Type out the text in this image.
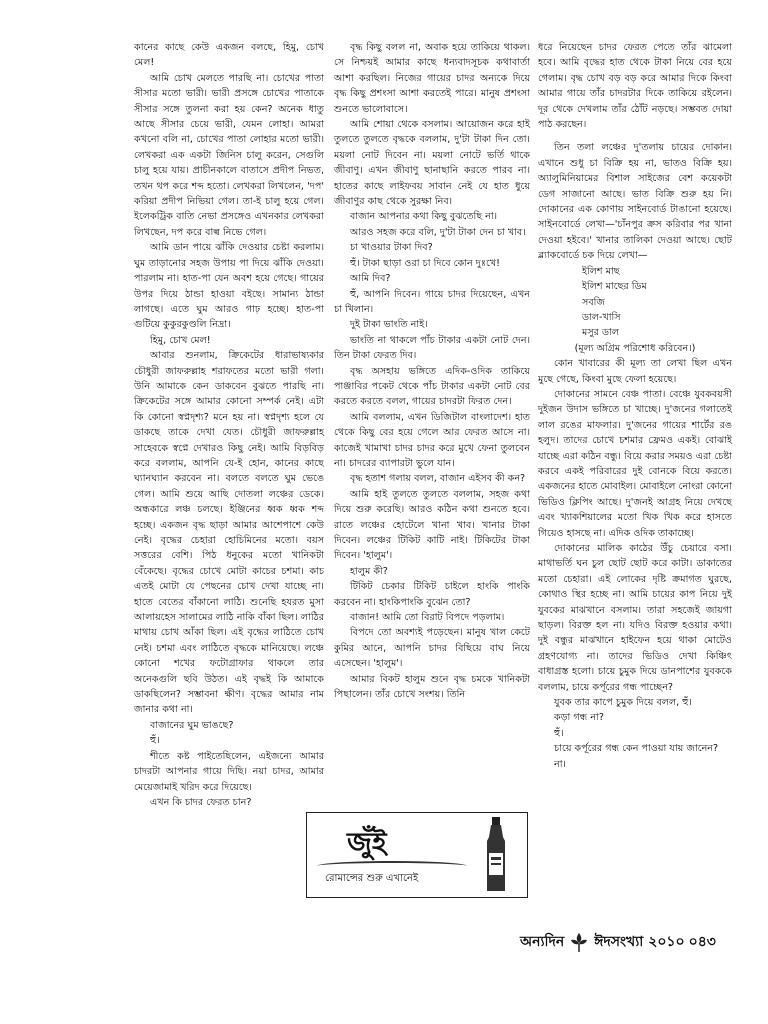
কানের কাছে কেউ একজন বলছে, হিমু, চোখ মেল!

আমি চোখ মেলতে পারছি না। চোখের পাতা সীসার মতো ভারী। ভারী প্রসঙ্গে চোখের পাতাকে সীসার সঙ্গে তুলনা করা হয় কেন? অনেক ধাতু আছে সীসার চেয়ে ভারী, যেমন লোহা। আমরা কখনো বলি না, চোখের পাতা লোহার মতো ভারী। লেখকরা এক একটা জিনিস চালু করেন, সেগুলি চালু হয়ে যায়। প্রাচীনকালে বাতাসে প্রদীপ নিভত, তখন থপ করে শব্দ হতো। লেখকরা লিখলেন, 'দপ' করিয়া প্রদীপ নিভিয়া গেল। তা-ই চালু হয়ে গেল। ইলেকট্রিক বাতি নেভা প্রসঙ্গেও এখনকার লেখকরা লিখছেন, দপ করে বাল্ব নিভে গেল।

আমি ডান পায়ে ঝাঁকি দেওয়ার চেষ্টা করলাম। ঘুম তাড়ানোর সহজ উপায় পা দিয়ে ঝাঁকি দেওয়া। পারলাম না। হাত-পা যেন অবশ হয়ে গেছে। গায়ের উপর দিয়ে ঠান্ডা হাওয়া বইছে। সামান্য ঠান্ডা লাগছে। এতে ঘুম আরও গাঢ় হচ্ছে। হাত-পা গুটিয়ে কুকুরকুণ্ডলি নিদ্রা।

হিমু, চোখ মেল!

আবার শুনলাম, ক্রিকেটের ধারাভাষ্যকার চৌধুরী জাফরুল্লাহ শরাফতের মতো ভারী গলা। উনি আমাকে কেন ডাকবেন বুঝতে পারছি না। ক্রিকেটের সঙ্গে আমার কোনো সম্পর্ক নেই। এটা কি কোনো স্বপ্নদৃশ্য? মনে হয় না। স্বপ্নদৃশ্য হলে যে ডাকছে তাকে দেখা যেত। চৌধুরী জাফরুল্লাহ সাহেবকে স্বপ্নে দেখারও কিছু নেই। আমি বিড়বিড় করে বললাম, আপনি যে-ই হোন, কানের কাছে ঘ্যানঘ্যান করবেন না। বলতে বলতে ঘুম ভেঙে গেল। আমি শুয়ে আছি দোতলা লঞ্চের ডেকে। অন্ধকারে লঞ্চ চলছে। ইঞ্জিনের ধ্বক ধ্বক শব্দ হচ্ছে। একজন বৃদ্ধ ছাড়া আমার আশেপাশে কেউ নেই। বৃদ্ধের চেহারা হোচিমিনের মতো। বয়স সত্তরের বেশি। পিঠ ধনুকের মতো খানিকটা বেঁকেছে। বৃদ্ধের চোখে মোটা কাচের চশমা। কাচ এতই মোটা যে পেছনের চোখ দেখা যাচ্ছে না। হাতে বেতের বাঁকানো লাঠি। শুনেছি হযরত মুসা আলায়হেস সালামের লাঠি নাকি বাঁকা ছিল। লাঠির মাথায় চোখ আঁকা ছিল। এই বৃদ্ধের লাঠিতে চোখ নেই। চশমা এবং লাঠিতে বৃদ্ধকে মানিয়েছে। লঞ্চে কোনো শখের ফটোগ্রাফার থাকলে তার অনেকগুলি ছবি উঠত। এই বৃদ্ধই কি আমাকে ডাকছিলেন? সম্ভাবনা ক্ষীণ। বৃদ্ধের আমার নাম জানার কথা না।

বাজানের ঘুম ভাঙছে?

হুঁ।

শীতে কষ্ট পাইতেছিলেন, এইজন্যে আমার চাদরটা আপনার গায়ে দিছি। নয়া চাদর, আমার মেয়েজামাই খরিদ করে দিয়েছে।

এখন কি চাদর ফেরত চান?

বৃদ্ধ কিছু বলল না, অবাক হয়ে তাকিয়ে থাকল। সে নিশ্চয়ই আমার কাছে ধন্যবাদসূচক কথাবার্তা আশা করছিল। নিজের গায়ের চাদর অন্যকে দিয়ে বৃদ্ধ কিছু প্রশংসা আশা করতেই পারে। মানুষ প্রশংসা শুনতে ভালোবাসে।

আমি শোয়া থেকে বসলাম। আয়োজন করে হাই তুলতে তুলতে বৃদ্ধকে বললাম, দু'টা টাকা দিন তো। ময়লা নোট দিবেন না। ময়লা নোটে ভর্তি থাকে জীবাণু। এখন জীবাণু ছানাছানি করতে পারব না। হাতের কাছে লাইফবয় সাবান নেই যে হাত ধুয়ে জীবাণুর কাছ থেকে সুরক্ষা নিব।

বাজান আপনার কথা কিছু বুঝতেছি না।

আরও সহজ করে বলি, দু'টা টাকা দেন চা খাব।

চা খাওয়ার টাকা দিব?

হুঁ। টাকা ছাড়া ওরা চা দিবে কোন দুঃখে!

আমি দিব?

হুঁ, আপনি দিবেন। গায়ে চাদর দিয়েছেন, এখন চা খিলান।

দুই টাকা ভাংতি নাই।

ভাংতি না থাকলে পাঁচ টাকার একটা নোট দেন। তিন টাকা ফেরত দিব।

বৃদ্ধ অসহায় ভঙ্গিতে এদিক-ওদিক তাকিয়ে পাঞ্জাবির পকেট থেকে পাঁচ টাকার একটা নোট বের করতে করতে বলল, গায়ের চাদরটা ফিরত দেন।

আমি বললাম, এখন ডিজিটাল বাংলাদেশ। হাত থেকে কিছু বের হয়ে গেলে আর ফেরত আসে না। কাজেই খামাখা চাদর চাদর করে মুখে ফেনা তুলবেন না। চাদরের ব্যাপারটা ভুলে যান।

বৃদ্ধ হতাশ গলায় বলল, বাজান এইসব কী কন?

আমি হাই তুলতে তুলতে বললাম, সহজ কথা দিয়ে শুরু করেছি। আরও কঠিন কথা শুনতে হবে। রাতে লঞ্চের হোটেলে খানা খাব। খানার টাকা দিবেন। লঞ্চের টিকিট কাটি নাই। টিকিটের টাকা দিবেন। 'হালুম'।

হালুম কী?

টিকিট চেকার টিকিট চাইলে হাংকি পাংকি করবেন না। হাংকিপাংকি বুঝেন তো?

বাজান! আমি তো বিরাট বিপদে পড়লাম।

বিপদে তো অবশ্যই পড়েছেন। মানুষ খাল কেটে কুমির আনে, আপনি চাদর বিছিয়ে বাঘ নিয়ে এসেছেন। 'হালুম'।

আমার বিকট হালুম শুনে বৃদ্ধ চমকে খানিকটা পিছালেন। তাঁর চোখে সংশয়। তিনি

ধরে নিয়েছেন চাদর ফেরত পেতে তাঁর ঝামেলা হবে। আমি বৃদ্ধের হাত থেকে টাকা নিয়ে বের হয়ে গেলাম। বৃদ্ধ চোখ বড় বড় করে আমার দিকে কিংবা আমার গায়ে তাঁর চাদরটার দিকে তাকিয়ে রইলেন। দূর থেকে দেখলাম তাঁর ঠোঁট নড়ছে। সম্ভবত দোয়া পাঠ করছেন।

তিন তলা লঞ্চের দু'তলায় চায়ের দোকান। এখানে শুধু চা বিক্রি হয় না, ভাতও বিক্রি হয়। অ্যালুমিনিয়ামের বিশাল সাইজের বেশ কয়েকটা ডেগ সাজানো আছে। ভাত বিক্রি শুরু হয় নি। দোকানের এক কোণায় সাইনবোর্ড টাঙানো হয়েছে। সাইনবোর্ডে লেখা—'চাঁনপুর ক্রস করিবার পর খানা দেওয়া হইবে।' খানার তালিকা দেওয়া আছে। ছোট ব্ল্যাকবোর্ডে চক দিয়ে লেখা—

ইলিশ মাছ

ইলিশ মাছের ডিম

সবজি

ডাল-খাসি

মসুর ডাল

(মূল্য অগ্রিম পরিশোধ করিবেন।)

কোন খাবারের কী মূল্য তা লেখা ছিল এখন মুছে গেছে, কিংবা মুছে ফেলা হয়েছে।

দোকানের সামনে বেঞ্চ পাতা। বেঞ্চে যুবকবয়সী দুইজন উদাস ভঙ্গিতে চা খাচ্ছে। দু'জনের গলাতেই লাল রঙের মাফলার। দু'জনের গায়ের শার্টের রঙ হলুদ। তাদের চোখে চশমার ফ্রেমও একই। বোঝাই যাচ্ছে এরা কঠিন বন্ধু। বিয়ে করার সময়ও এরা চেষ্টা করবে একই পরিবারের দুই বোনকে বিয়ে করতে। একজনের হাতে মোবাইল। মোবাইলে নোংরা কোনো ভিডিও ক্লিপিং আছে। দু'জনই আগ্রহ নিয়ে দেখছে এবং খ্যাকশিয়ালের মতো খিক খিক করে হাসতে গিয়েও হাসছে না। এদিক ওদিক তাকাচ্ছে।

দোকানের মালিক কাঠের উঁচু চেয়ারে বসা। মাথাভর্তি ঘন চুল ছোট ছোট করে কাটা। ডাকাতের মতো চেহারা। এই লোকের দৃষ্টি ক্রমাগত ঘুরছে, কোথাও স্থির হচ্ছে না। আমি চায়ের কাপ নিয়ে দুই যুবকের মাঝখানে বসলাম। তারা সহজেই জায়গা ছাড়ল। বিরক্ত হল না। যদিও বিরক্ত হওয়ার কথা। দুই বন্ধুর মাঝখানে হাইফেন হয়ে থাকা মোটেও গ্রহণযোগ্য না। তাদের ভিডিও দেখা কিঞ্চিৎ বাধাগ্রস্ত হলো। চায়ে চুমুক দিয়ে ডানপাশের যুবককে বললাম, চায়ে কর্পূরের গন্ধ পাচ্ছেন?

যুবক তার কাপে চুমুক দিয়ে বলল, হুঁ।

কড়া গন্ধ না?

হুঁ।

চায়ে কর্পূরের গন্ধ কেন পাওয়া যায় জানেন?

না।

জুঁই
রোমান্সের শুরু এখানেই
অন্যদিন ঈদসংখ্যা ২০১০ ০৪৩
